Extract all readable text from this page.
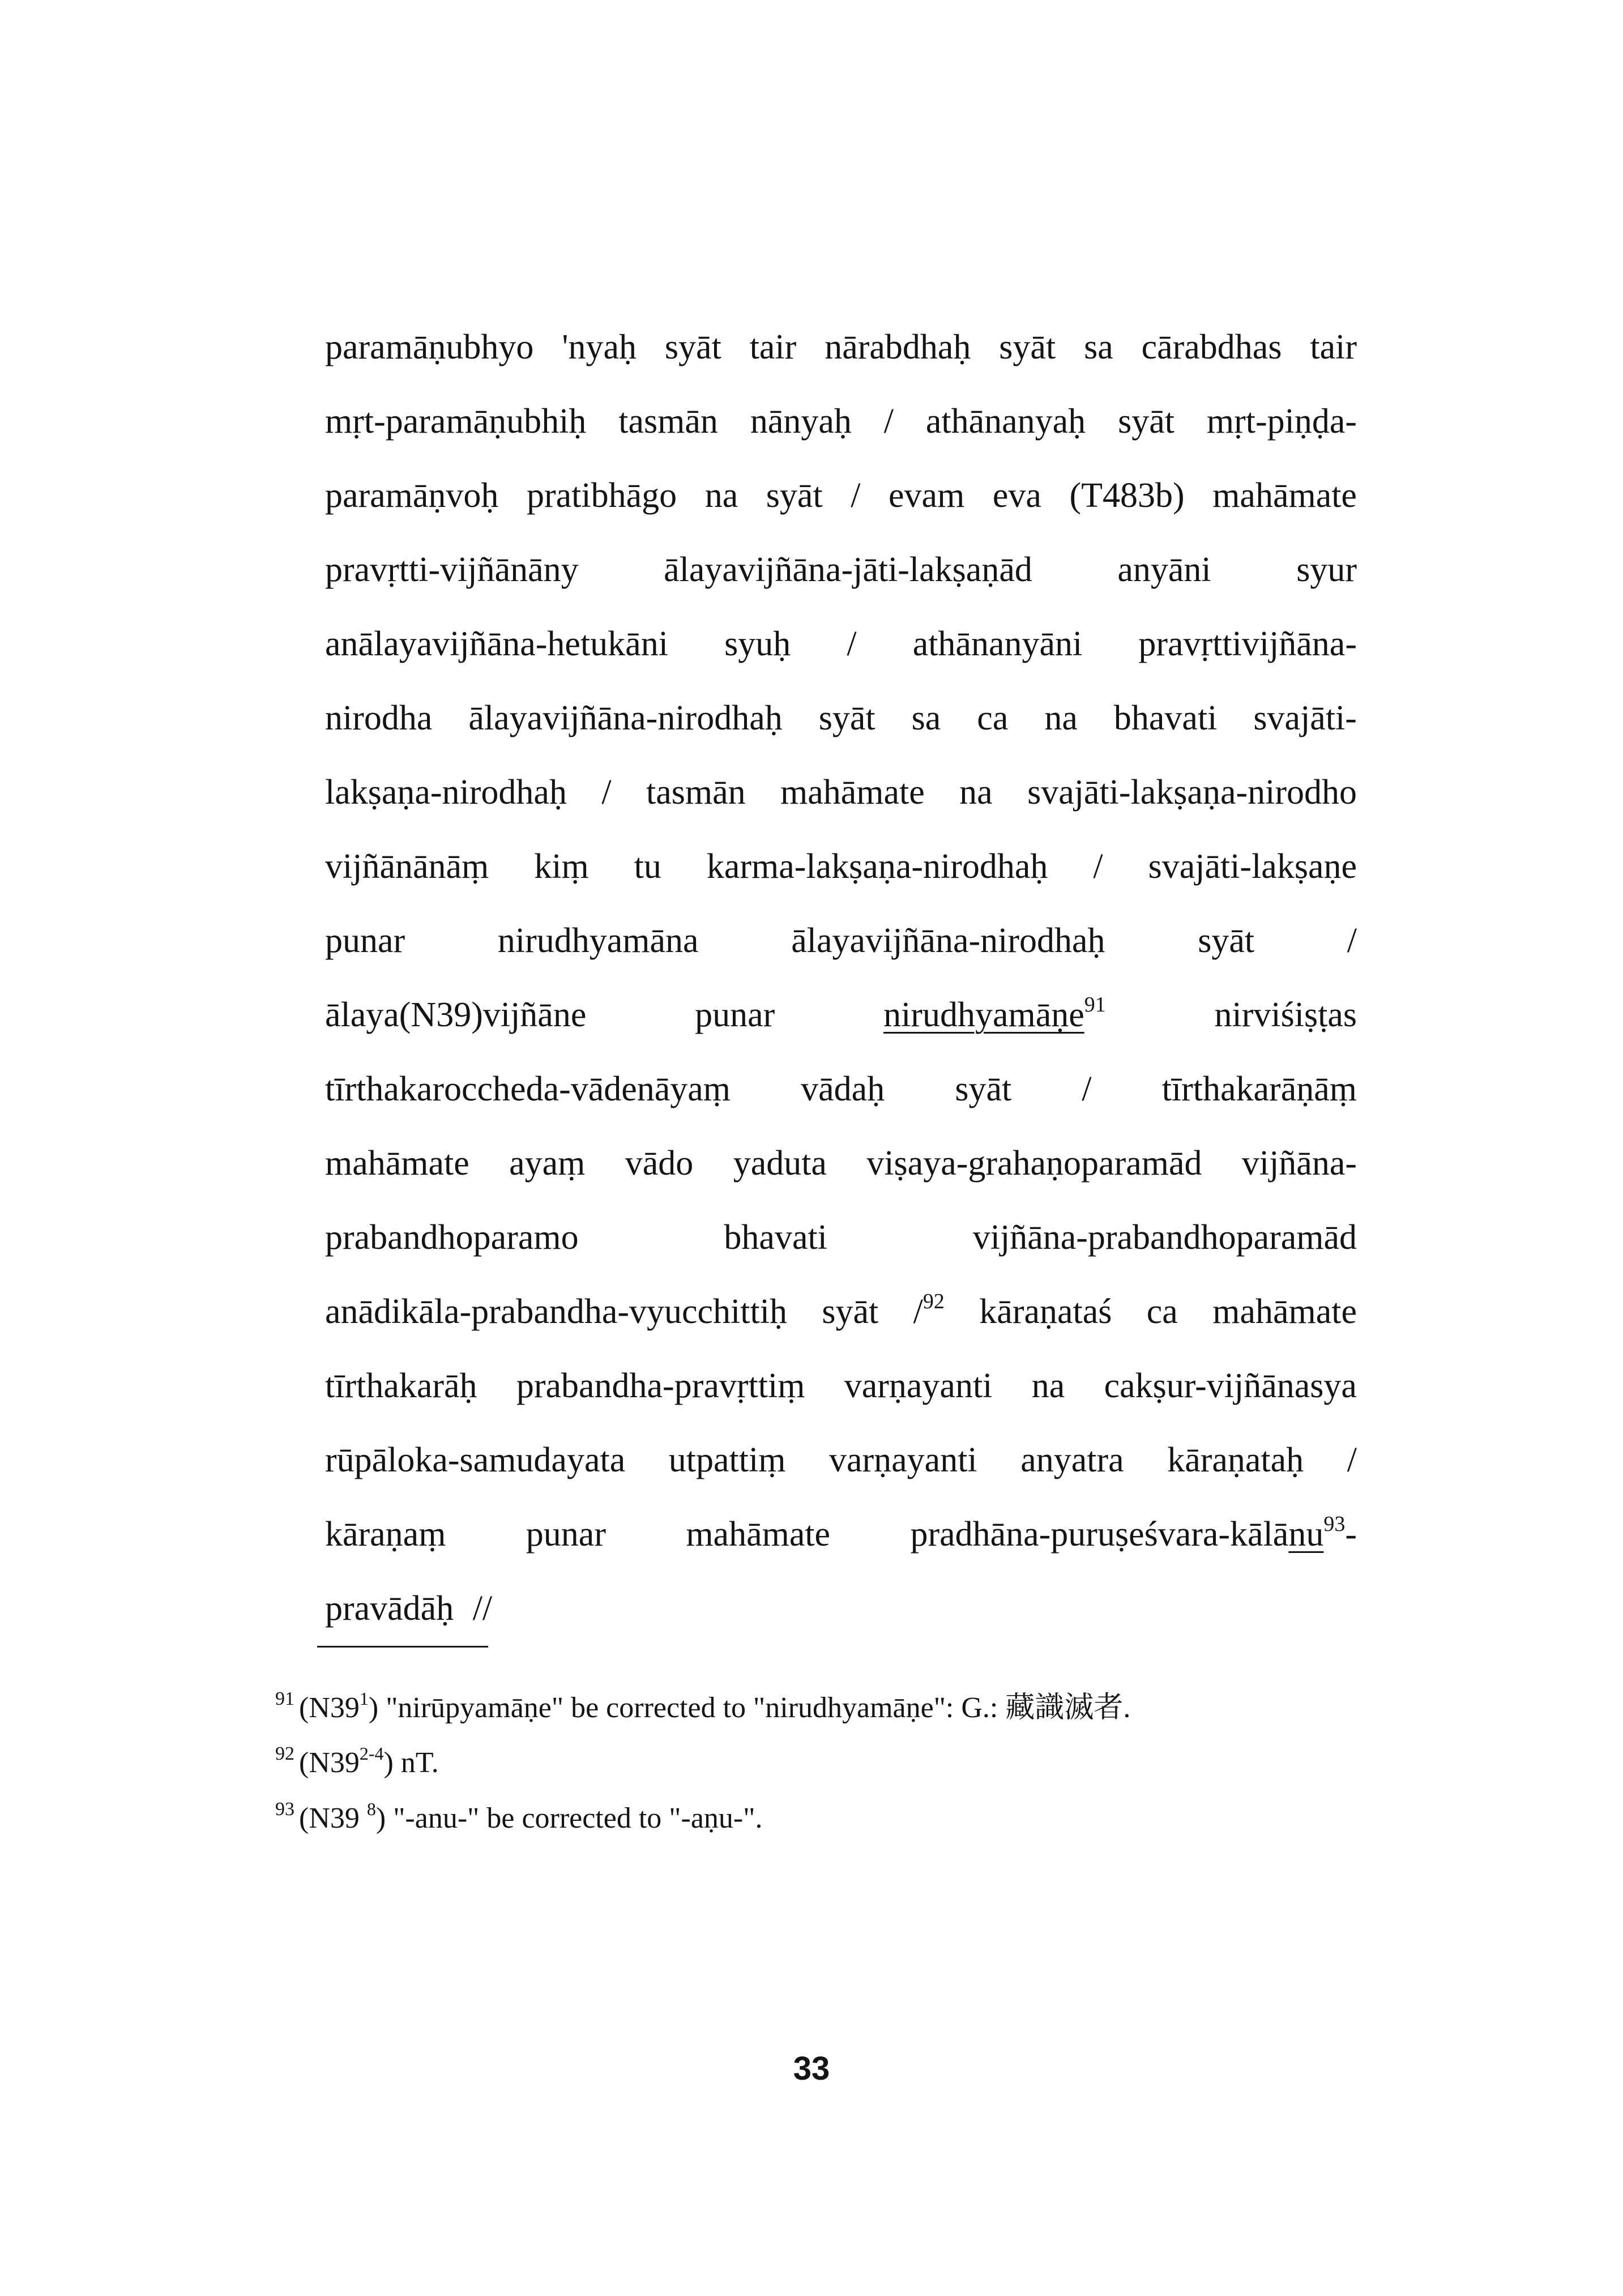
paramāṇubhyo 'nyaḥ syāt tair nārabdhaḥ syāt sa cārabdhas tair
mṛt-paramāṇubhiḥ tasmān nānyaḥ / athānanyaḥ syāt mṛt-piṇḍa-
paramāṇvoḥ pratibhāgo na syāt / evam eva (T483b) mahāmate
pravṛtti-vijñānāny ālayavijñāna-jāti-lakṣaṇād anyāni syur
anālayavijñāna-hetukāni syuḥ / athānanyāni pravṛttivijñāna-
nirodha ālayavijñāna-nirodhaḥ syāt sa ca na bhavati svajāti-
lakṣaṇa-nirodhaḥ / tasmān mahāmate na svajāti-lakṣaṇa-nirodho
vijñānānāṃ kiṃ tu karma-lakṣaṇa-nirodhaḥ / svajāti-lakṣaṇe
punar	nirudhyamāna	ālayavijñāna-nirodhaḥ	syāt	/
ālaya(N39)vijñāne	punar	nirudhyamāṇe$^{91}$	nirviśiṣṭas
tīrthakaroccheda-vādenāyaṃ vādaḥ syāt / tīrthakarāṇāṃ
mahāmate ayaṃ vādo yaduta viṣaya-grahaṇoparamād vijñāna-
prabandhoparamo	bhavati	vijñāna-prabandhoparamād
anādikāla-prabandha-vyucchittiḥ syāt /$^{92}$ kāraṇataś ca mahāmate
tīrthakarāḥ prabandha-pravṛttiṃ varṇayanti na cakṣur-vijñānasya
rūpāloka-samudayata utpattiṃ varṇayanti anyatra kāraṇataḥ /
kāraṇaṃ punar mahāmate pradhāna-puruṣeśvara-kālānu$^{93}$-
pravādāḥ //
$^{91}$ (N39$^1$) "nirūpyamāṇe" be corrected to "nirudhyamāṇe": G.: 藏識滅者.
$^{92}$ (N39$^{2-4}$) nT.
$^{93}$ (N39 $^8$) "-anu-" be corrected to "-aṇu-".
33
